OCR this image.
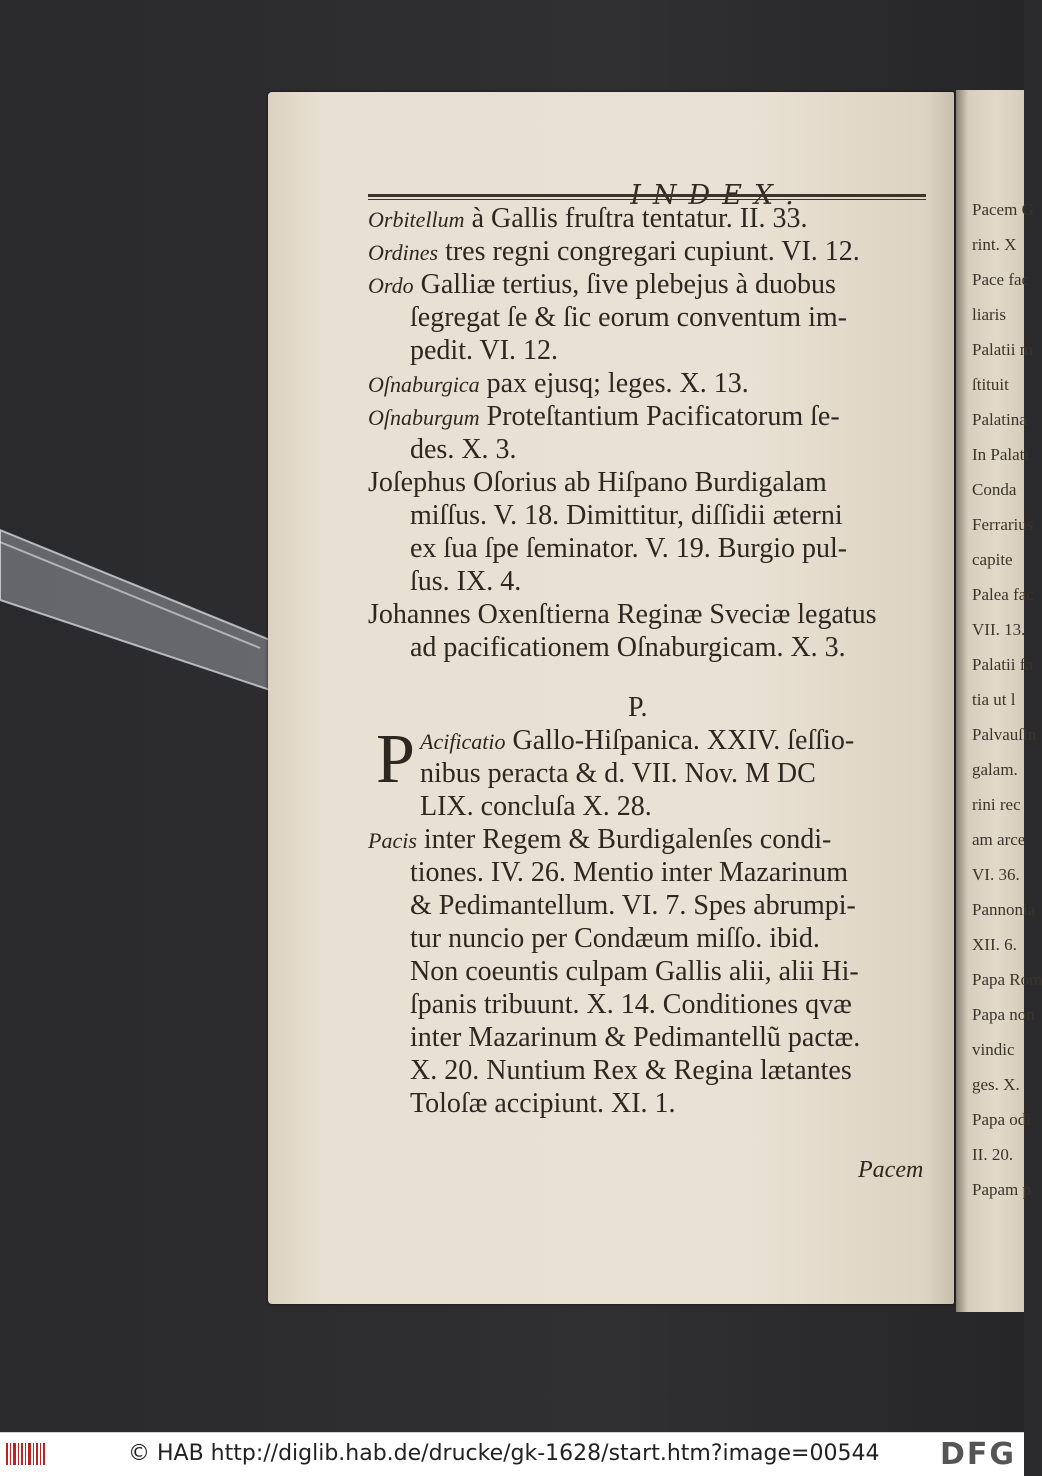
Pacem G
rint. X
Pace fac
liaris
Palatii m
ſtituit
Palatina
In Palati
Conda
Ferrarius
capite
Palea fac
VII. 13.
Palatii fa
tia ut l
Palvauſin
galam.
rini rec
am arce
VI. 36.
Pannonia
XII. 6.
Papa Rom
Papa non
vindic
ges. X.
Papa odi
II. 20.
Papam p
Orbitellum à Gallis fruſtra tentatur. II. 33.
Ordines tres regni congregari cupiunt. VI. 12.
Ordo Galliæ tertius, ſive plebejus à duobus
ſegregat ſe & ſic eorum conventum im-
pedit. VI. 12.
Oſnaburgica pax ejusq; leges. X. 13.
Oſnaburgum Proteſtantium Pacificatorum ſe-
des. X. 3.
Joſephus Oſorius ab Hiſpano Burdigalam
miſſus. V. 18. Dimittitur, diſſidii æterni
ex ſua ſpe ſeminator. V. 19. Burgio pul-
ſus. IX. 4.
Johannes Oxenſtierna Reginæ Sveciæ legatus
ad pacificationem Oſnaburgicam. X. 3.
P.
P Acificatio Gallo-Hiſpanica. XXIV. ſeſſio-
nibus peracta & d. VII. Nov. M DC
LIX. concluſa X. 28.
Pacis inter Regem & Burdigalenſes condi-
tiones. IV. 26. Mentio inter Mazarinum
& Pedimantellum. VI. 7. Spes abrumpi-
tur nuncio per Condæum miſſo. ibid.
Non coeuntis culpam Gallis alii, alii Hi-
ſpanis tribuunt. X. 14. Conditiones qvæ
inter Mazarinum & Pedimantellũ pactæ.
X. 20. Nuntium Rex & Regina lætantes
Toloſæ accipiunt. XI. 1.
Pacem
© HAB http://diglib.hab.de/drucke/gk-1628/start.htm?image=00544 DFG
